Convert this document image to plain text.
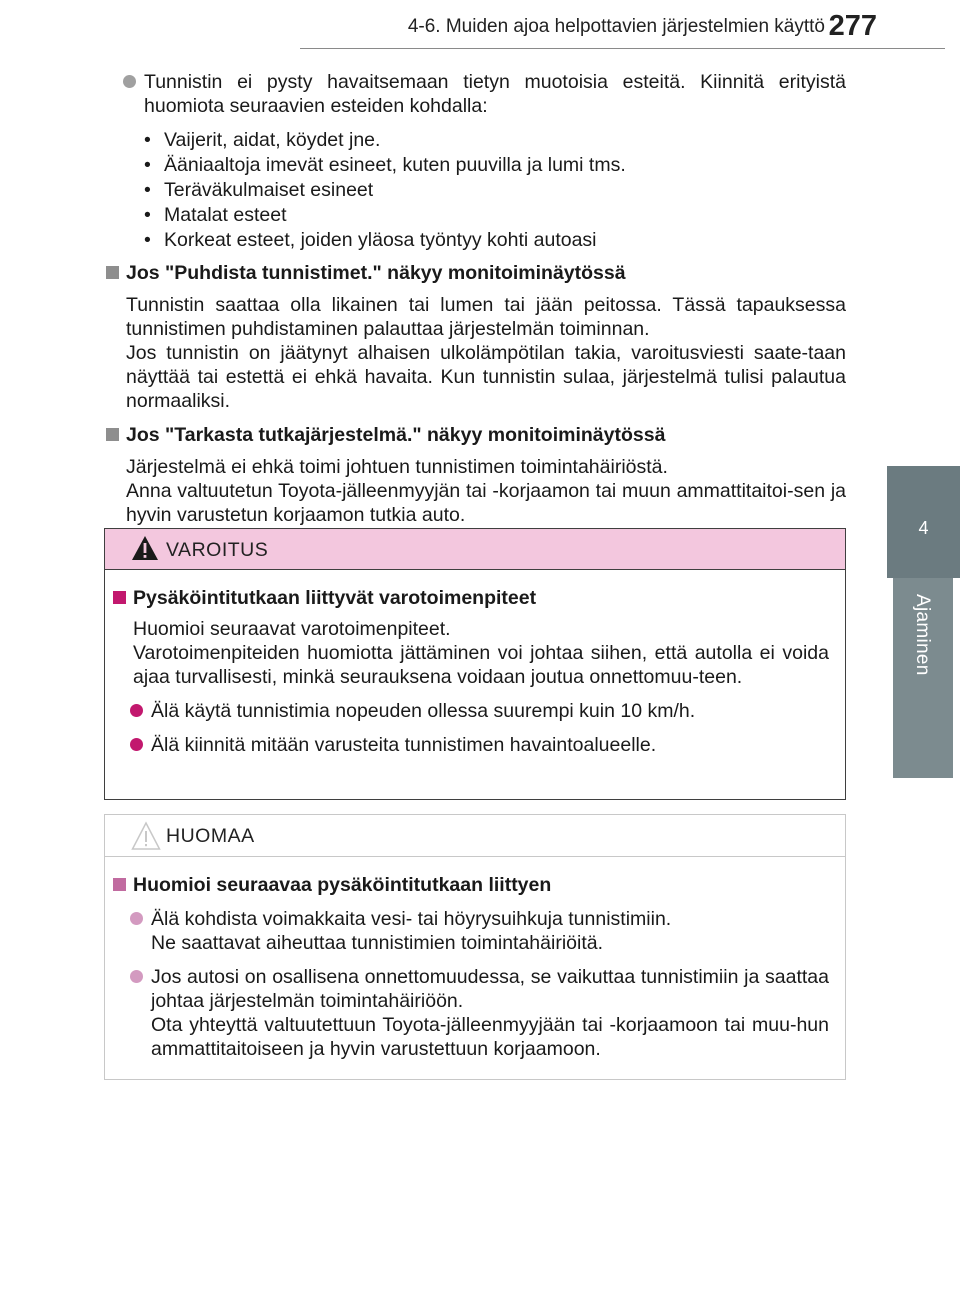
4-6. Muiden ajoa helpottavien järjestelmien käyttö 277
4
Ajaminen
Tunnistin ei pysty havaitsemaan tietyn muotoisia esteitä. Kiinnitä erityistä huomiota seuraavien esteiden kohdalla:
• Vaijerit, aidat, köydet jne.
• Ääniaaltoja imevät esineet, kuten puuvilla ja lumi tms.
• Teräväkulmaiset esineet
• Matalat esteet
• Korkeat esteet, joiden yläosa työntyy kohti autoasi
Jos "Puhdista tunnistimet." näkyy monitoiminäytössä
Tunnistin saattaa olla likainen tai lumen tai jään peitossa. Tässä tapauksessa tunnistimen puhdistaminen palauttaa järjestelmän toiminnan.
Jos tunnistin on jäätynyt alhaisen ulkolämpötilan takia, varoitusviesti saate-taan näyttää tai estettä ei ehkä havaita. Kun tunnistin sulaa, järjestelmä tulisi palautua normaaliksi.
Jos "Tarkasta tutkajärjestelmä." näkyy monitoiminäytössä
Järjestelmä ei ehkä toimi johtuen tunnistimen toimintahäiriöstä.
Anna valtuutetun Toyota-jälleenmyyjän tai -korjaamon tai muun ammattitaitoi-sen ja hyvin varustetun korjaamon tutkia auto.
VAROITUS
Pysäköintitutkaan liittyvät varotoimenpiteet
Huomioi seuraavat varotoimenpiteet.
Varotoimenpiteiden huomiotta jättäminen voi johtaa siihen, että autolla ei voida ajaa turvallisesti, minkä seurauksena voidaan joutua onnettomuu-teen.
Älä käytä tunnistimia nopeuden ollessa suurempi kuin 10 km/h.
Älä kiinnitä mitään varusteita tunnistimen havaintoalueelle.
HUOMAA
Huomioi seuraavaa pysäköintitutkaan liittyen
Älä kohdista voimakkaita vesi- tai höyrysuihkuja tunnistimiin.
Ne saattavat aiheuttaa tunnistimien toimintahäiriöitä.
Jos autosi on osallisena onnettomuudessa, se vaikuttaa tunnistimiin ja saattaa johtaa järjestelmän toimintahäiriöön.
Ota yhteyttä valtuutettuun Toyota-jälleenmyyjään tai -korjaamoon tai muu-hun ammattitaitoiseen ja hyvin varustettuun korjaamoon.
